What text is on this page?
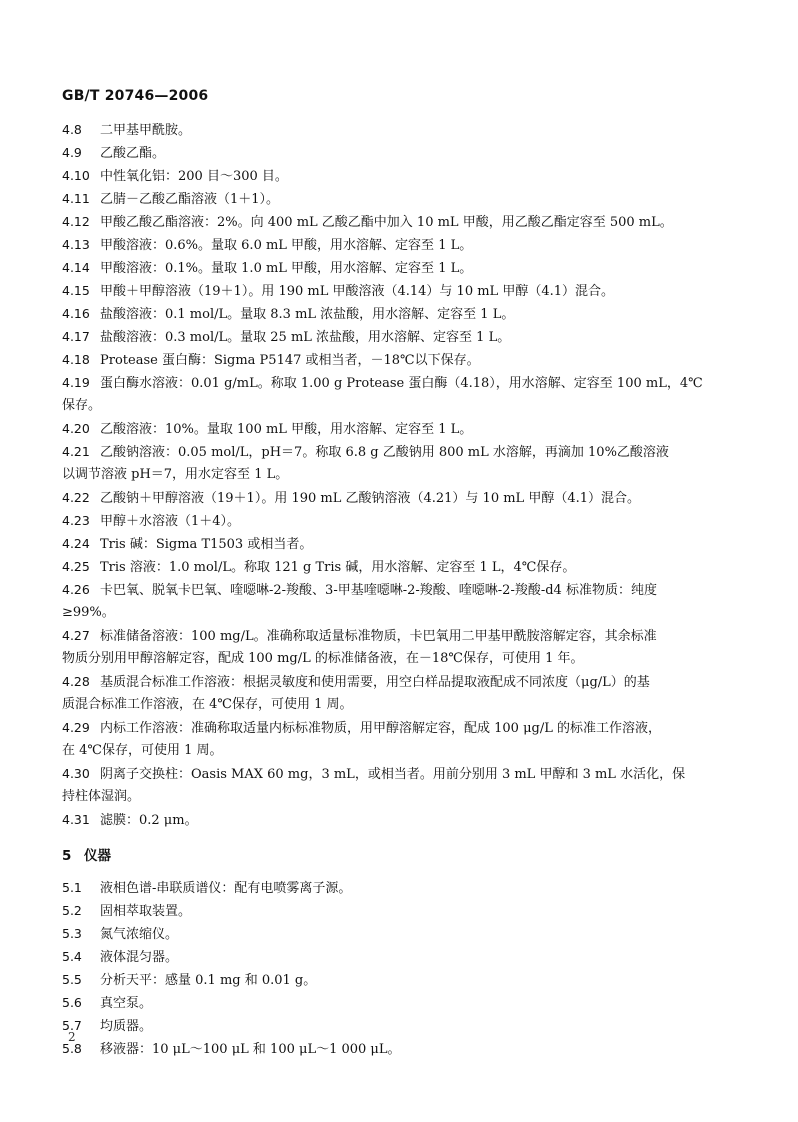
GB/T 20746—2006
4.8 二甲基甲酰胺。
4.9 乙酸乙酯。
4.10 中性氧化铝：200 目～300 目。
4.11 乙腈－乙酸乙酯溶液（1＋1）。
4.12 甲酸乙酸乙酯溶液：2%。向 400 mL 乙酸乙酯中加入 10 mL 甲酸，用乙酸乙酯定容至 500 mL。
4.13 甲酸溶液：0.6%。量取 6.0 mL 甲酸，用水溶解、定容至 1 L。
4.14 甲酸溶液：0.1%。量取 1.0 mL 甲酸，用水溶解、定容至 1 L。
4.15 甲酸＋甲醇溶液（19＋1）。用 190 mL 甲酸溶液（4.14）与 10 mL 甲醇（4.1）混合。
4.16 盐酸溶液：0.1 mol/L。量取 8.3 mL 浓盐酸，用水溶解、定容至 1 L。
4.17 盐酸溶液：0.3 mol/L。量取 25 mL 浓盐酸，用水溶解、定容至 1 L。
4.18 Protease 蛋白酶：Sigma P5147 或相当者，－18℃以下保存。
4.19 蛋白酶水溶液：0.01 g/mL。称取 1.00 g Protease 蛋白酶（4.18），用水溶解、定容至 100 mL，4℃
保存。
4.20 乙酸溶液：10%。量取 100 mL 甲酸，用水溶解、定容至 1 L。
4.21 乙酸钠溶液：0.05 mol/L，pH＝7。称取 6.8 g 乙酸钠用 800 mL 水溶解，再滴加 10%乙酸溶液
以调节溶液 pH＝7，用水定容至 1 L。
4.22 乙酸钠＋甲醇溶液（19＋1）。用 190 mL 乙酸钠溶液（4.21）与 10 mL 甲醇（4.1）混合。
4.23 甲醇＋水溶液（1＋4）。
4.24 Tris 碱：Sigma T1503 或相当者。
4.25 Tris 溶液：1.0 mol/L。称取 121 g Tris 碱，用水溶解、定容至 1 L，4℃保存。
4.26 卡巴氧、脱氧卡巴氧、喹噁啉-2-羧酸、3-甲基喹噁啉-2-羧酸、喹噁啉-2-羧酸-d4 标准物质：纯度
≥99%。
4.27 标准储备溶液：100 mg/L。准确称取适量标准物质，卡巴氧用二甲基甲酰胺溶解定容，其余标准
物质分别用甲醇溶解定容，配成 100 mg/L 的标准储备液，在－18℃保存，可使用 1 年。
4.28 基质混合标准工作溶液：根据灵敏度和使用需要，用空白样品提取液配成不同浓度（μg/L）的基
质混合标准工作溶液，在 4℃保存，可使用 1 周。
4.29 内标工作溶液：准确称取适量内标标准物质，用甲醇溶解定容，配成 100 μg/L 的标准工作溶液，
在 4℃保存，可使用 1 周。
4.30 阴离子交换柱：Oasis MAX 60 mg，3 mL，或相当者。用前分别用 3 mL 甲醇和 3 mL 水活化，保
持柱体湿润。
4.31 滤膜：0.2 μm。
5 仪器
5.1 液相色谱-串联质谱仪：配有电喷雾离子源。
5.2 固相萃取装置。
5.3 氮气浓缩仪。
5.4 液体混匀器。
5.5 分析天平：感量 0.1 mg 和 0.01 g。
5.6 真空泵。
5.7 均质器。
5.8 移液器：10 μL～100 μL 和 100 μL～1 000 μL。
2
